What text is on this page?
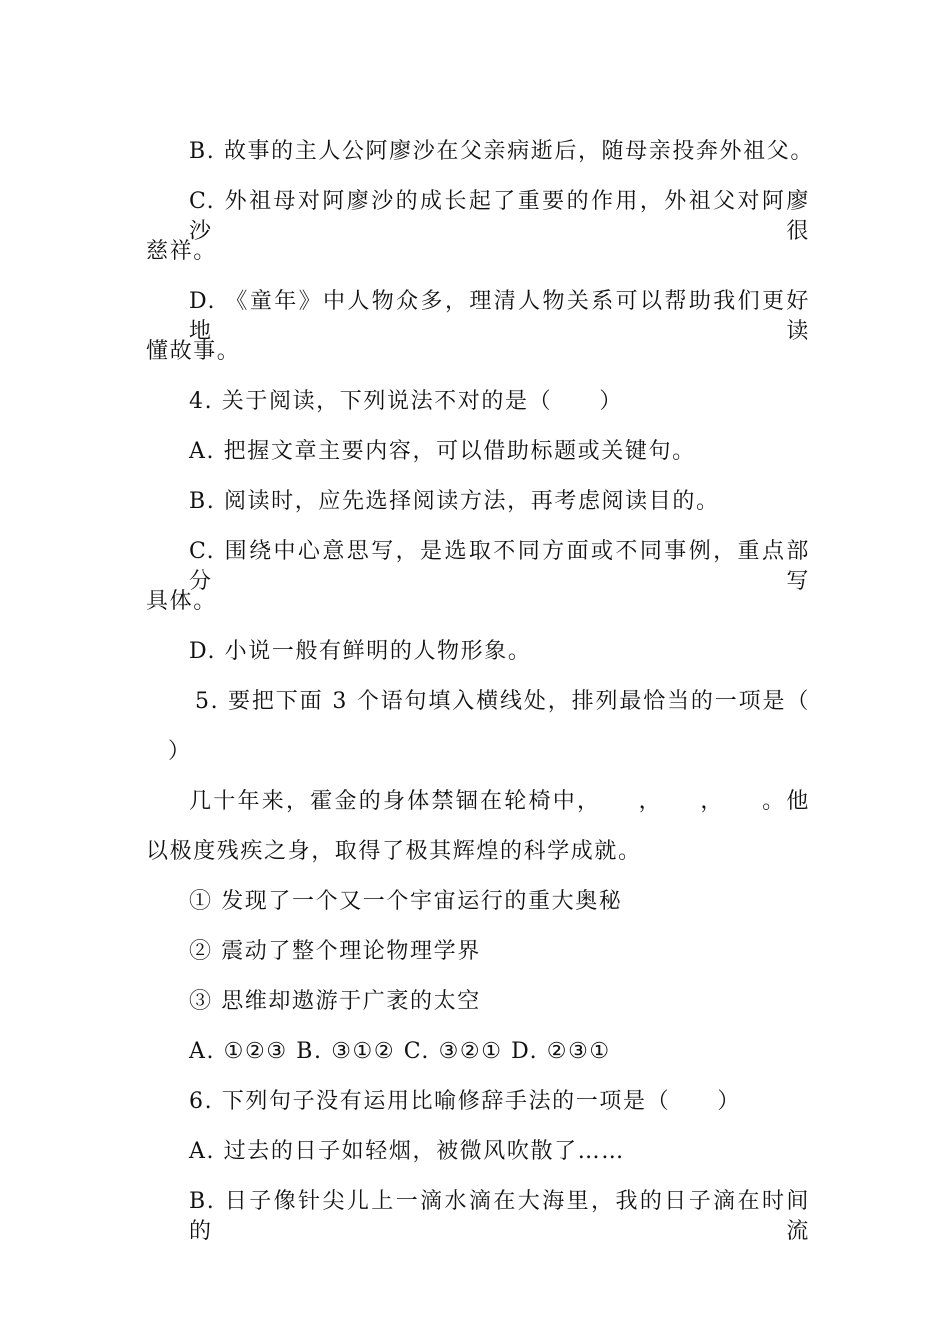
B. 故事的主人公阿廖沙在父亲病逝后，随母亲投奔外祖父。
C. 外祖母对阿廖沙的成长起了重要的作用，外祖父对阿廖沙很
慈祥。
D. 《童年》中人物众多，理清人物关系可以帮助我们更好地读
懂故事。
4. 关于阅读，下列说法不对的是（　　）
A. 把握文章主要内容，可以借助标题或关键句。
B. 阅读时，应先选择阅读方法，再考虑阅读目的。
C. 围绕中心意思写，是选取不同方面或不同事例，重点部分写
具体。
D. 小说一般有鲜明的人物形象。
5. 要把下面 3 个语句填入横线处，排列最恰当的一项是（
）
几十年来，霍金的身体禁锢在轮椅中，　　，　　，　　。他
以极度残疾之身，取得了极其辉煌的科学成就。
① 发现了一个又一个宇宙运行的重大奥秘
② 震动了整个理论物理学界
③ 思维却遨游于广袤的太空
A. ①②③ B. ③①② C. ③②① D. ②③①
6. 下列句子没有运用比喻修辞手法的一项是（　　）
A. 过去的日子如轻烟，被微风吹散了……
B. 日子像针尖儿上一滴水滴在大海里，我的日子滴在时间的流
